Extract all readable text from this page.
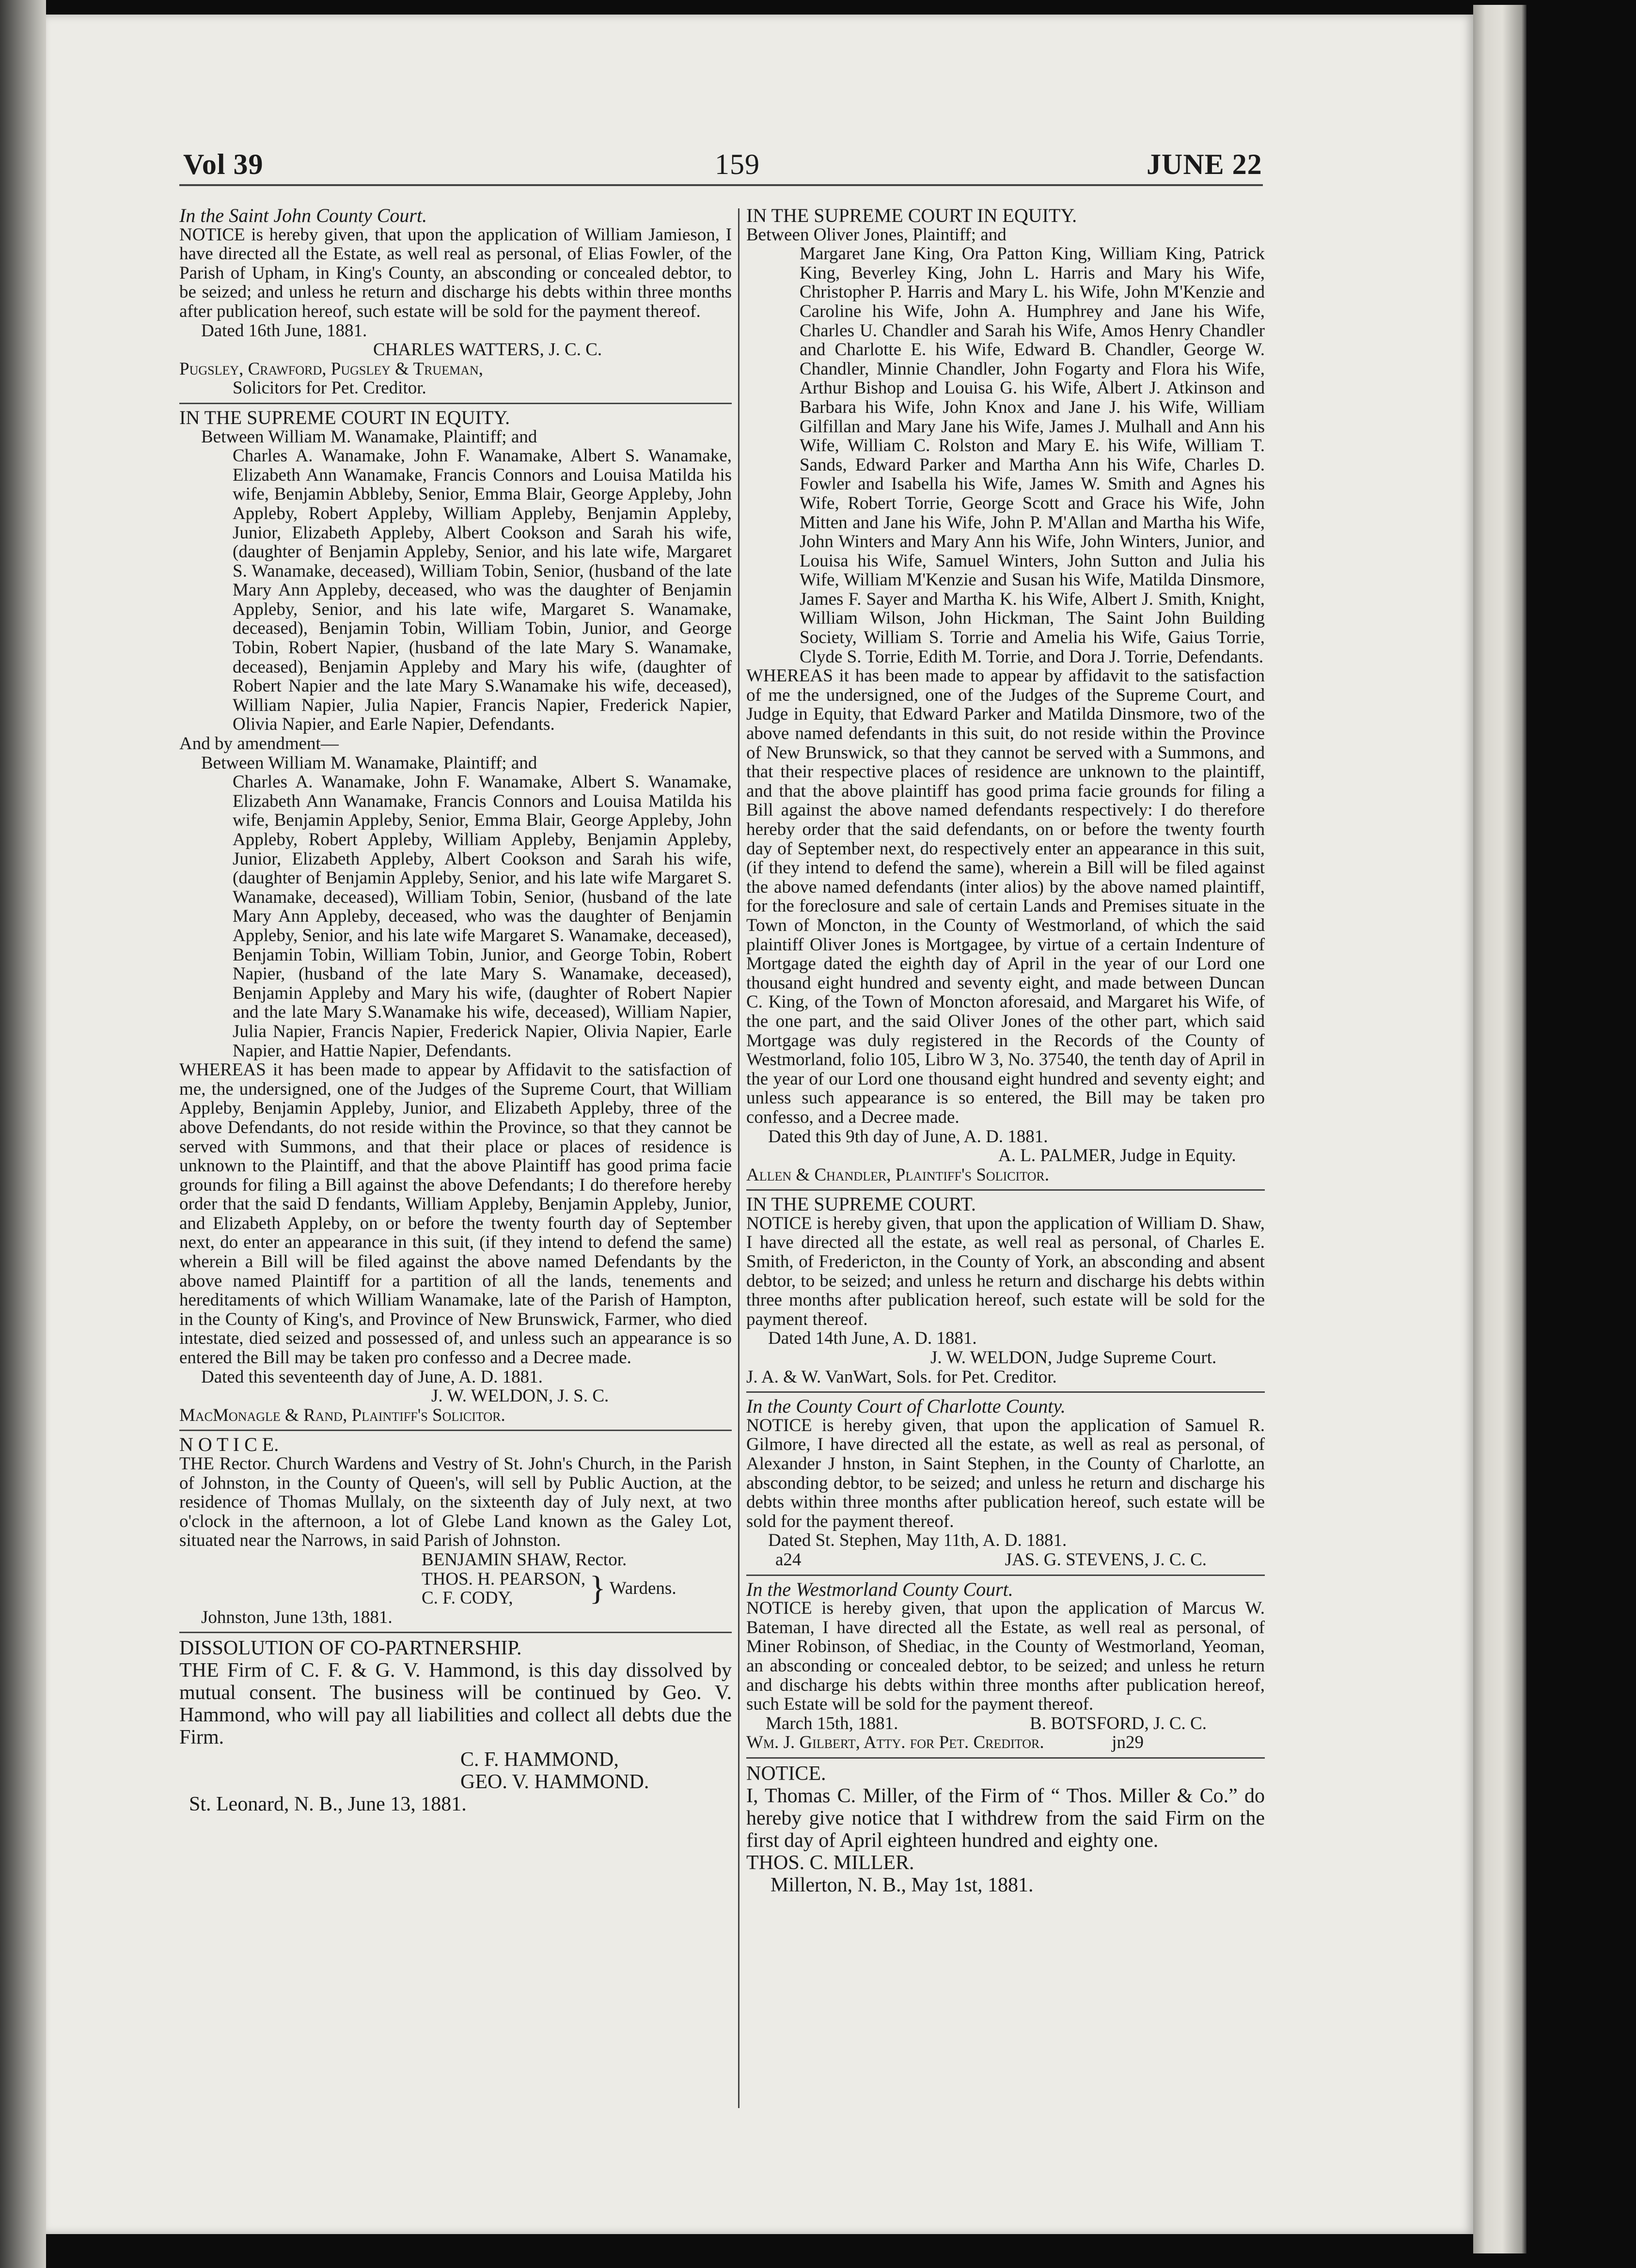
Vol 39	159	JUNE 22

In the Saint John County Court.

NOTICE is hereby given, that upon the application of William Jamieson, I have directed all the Estate, as well real as personal, of Elias Fowler, of the Parish of Upham, in King's County, an absconding or concealed debtor, to be seized; and unless he return and discharge his debts within three months after publication hereof, such estate will be sold for the payment thereof.

Dated 16th June, 1881.

CHARLES WATTERS, J. C. C.

Pugsley, Crawford, Pugsley & Trueman,

Solicitors for Pet. Creditor.

IN THE SUPREME COURT IN EQUITY.

Between William M. Wanamake, Plaintiff; and

Charles A. Wanamake, John F. Wanamake, Albert S. Wanamake, Elizabeth Ann Wanamake, Francis Connors and Louisa Matilda his wife, Benjamin Abbleby, Senior, Emma Blair, George Appleby, John Appleby, Robert Appleby, William Appleby, Benjamin Appleby, Junior, Elizabeth Appleby, Albert Cookson and Sarah his wife, (daughter of Benjamin Appleby, Senior, and his late wife, Margaret S. Wanamake, deceased), William Tobin, Senior, (husband of the late Mary Ann Appleby, deceased, who was the daughter of Benjamin Appleby, Senior, and his late wife, Margaret S. Wanamake, deceased), Benjamin Tobin, William Tobin, Junior, and George Tobin, Robert Napier, (husband of the late Mary S. Wanamake, deceased), Benjamin Appleby and Mary his wife, (daughter of Robert Napier and the late Mary S.Wanamake his wife, deceased), William Napier, Julia Napier, Francis Napier, Frederick Napier, Olivia Napier, and Earle Napier, Defendants.

And by amendment—

Between William M. Wanamake, Plaintiff; and

Charles A. Wanamake, John F. Wanamake, Albert S. Wanamake, Elizabeth Ann Wanamake, Francis Connors and Louisa Matilda his wife, Benjamin Appleby, Senior, Emma Blair, George Appleby, John Appleby, Robert Appleby, William Appleby, Benjamin Appleby, Junior, Elizabeth Appleby, Albert Cookson and Sarah his wife, (daughter of Benjamin Appleby, Senior, and his late wife Margaret S. Wanamake, deceased), William Tobin, Senior, (husband of the late Mary Ann Appleby, deceased, who was the daughter of Benjamin Appleby, Senior, and his late wife Margaret S. Wanamake, deceased), Benjamin Tobin, William Tobin, Junior, and George Tobin, Robert Napier, (husband of the late Mary S. Wanamake, deceased), Benjamin Appleby and Mary his wife, (daughter of Robert Napier and the late Mary S.Wanamake his wife, deceased), William Napier, Julia Napier, Francis Napier, Frederick Napier, Olivia Napier, Earle Napier, and Hattie Napier, Defendants.

WHEREAS it has been made to appear by Affidavit to the satisfaction of me, the undersigned, one of the Judges of the Supreme Court, that William Appleby, Benjamin Appleby, Junior, and Elizabeth Appleby, three of the above Defendants, do not reside within the Province, so that they cannot be served with Summons, and that their place or places of residence is unknown to the Plaintiff, and that the above Plaintiff has good prima facie grounds for filing a Bill against the above Defendants; I do therefore hereby order that the said D fendants, William Appleby, Benjamin Appleby, Junior, and Elizabeth Appleby, on or before the twenty fourth day of September next, do enter an appearance in this suit, (if they intend to defend the same) wherein a Bill will be filed against the above named Defendants by the above named Plaintiff for a partition of all the lands, tenements and hereditaments of which William Wanamake, late of the Parish of Hampton, in the County of King's, and Province of New Brunswick, Farmer, who died intestate, died seized and possessed of, and unless such an appearance is so entered the Bill may be taken pro confesso and a Decree made.

Dated this seventeenth day of June, A. D. 1881.

J. W. WELDON, J. S. C.

MacMonagle & Rand, Plaintiff's Solicitor.

N O T I C E.

THE Rector. Church Wardens and Vestry of St. John's Church, in the Parish of Johnston, in the County of Queen's, will sell by Public Auction, at the residence of Thomas Mullaly, on the sixteenth day of July next, at two o'clock in the afternoon, a lot of Glebe Land known as the Galey Lot, situated near the Narrows, in said Parish of Johnston.

BENJAMIN SHAW, Rector.

THOS. H. PEARSON,

C. F. CODY,	} Wardens.

Johnston, June 13th, 1881.

DISSOLUTION OF CO-PARTNERSHIP.

THE Firm of C. F. & G. V. Hammond, is this day dissolved by mutual consent. The business will be continued by Geo. V. Hammond, who will pay all liabilities and collect all debts due the Firm.

C. F. HAMMOND,

GEO. V. HAMMOND.

St. Leonard, N. B., June 13, 1881.

IN THE SUPREME COURT IN EQUITY.

Between Oliver Jones, Plaintiff; and

Margaret Jane King, Ora Patton King, William King, Patrick King, Beverley King, John L. Harris and Mary his Wife, Christopher P. Harris and Mary L. his Wife, John M'Kenzie and Caroline his Wife, John A. Humphrey and Jane his Wife, Charles U. Chandler and Sarah his Wife, Amos Henry Chandler and Charlotte E. his Wife, Edward B. Chandler, George W. Chandler, Minnie Chandler, John Fogarty and Flora his Wife, Arthur Bishop and Louisa G. his Wife, Albert J. Atkinson and Barbara his Wife, John Knox and Jane J. his Wife, William Gilfillan and Mary Jane his Wife, James J. Mulhall and Ann his Wife, William C. Rolston and Mary E. his Wife, William T. Sands, Edward Parker and Martha Ann his Wife, Charles D. Fowler and Isabella his Wife, James W. Smith and Agnes his Wife, Robert Torrie, George Scott and Grace his Wife, John Mitten and Jane his Wife, John P. M'Allan and Martha his Wife, John Winters and Mary Ann his Wife, John Winters, Junior, and Louisa his Wife, Samuel Winters, John Sutton and Julia his Wife, William M'Kenzie and Susan his Wife, Matilda Dinsmore, James F. Sayer and Martha K. his Wife, Albert J. Smith, Knight, William Wilson, John Hickman, The Saint John Building Society, William S. Torrie and Amelia his Wife, Gaius Torrie, Clyde S. Torrie, Edith M. Torrie, and Dora J. Torrie, Defendants.

WHEREAS it has been made to appear by affidavit to the satisfaction of me the undersigned, one of the Judges of the Supreme Court, and Judge in Equity, that Edward Parker and Matilda Dinsmore, two of the above named defendants in this suit, do not reside within the Province of New Brunswick, so that they cannot be served with a Summons, and that their respective places of residence are unknown to the plaintiff, and that the above plaintiff has good prima facie grounds for filing a Bill against the above named defendants respectively: I do therefore hereby order that the said defendants, on or before the twenty fourth day of September next, do respectively enter an appearance in this suit, (if they intend to defend the same), wherein a Bill will be filed against the above named defendants (inter alios) by the above named plaintiff, for the foreclosure and sale of certain Lands and Premises situate in the Town of Moncton, in the County of Westmorland, of which the said plaintiff Oliver Jones is Mortgagee, by virtue of a certain Indenture of Mortgage dated the eighth day of April in the year of our Lord one thousand eight hundred and seventy eight, and made between Duncan C. King, of the Town of Moncton aforesaid, and Margaret his Wife, of the one part, and the said Oliver Jones of the other part, which said Mortgage was duly registered in the Records of the County of Westmorland, folio 105, Libro W 3, No. 37540, the tenth day of April in the year of our Lord one thousand eight hundred and seventy eight; and unless such appearance is so entered, the Bill may be taken pro confesso, and a Decree made.

Dated this 9th day of June, A. D. 1881.

A. L. PALMER, Judge in Equity.

Allen & Chandler, Plaintiff's Solicitor.

IN THE SUPREME COURT.

NOTICE is hereby given, that upon the application of William D. Shaw, I have directed all the estate, as well real as personal, of Charles E. Smith, of Fredericton, in the County of York, an absconding and absent debtor, to be seized; and unless he return and discharge his debts within three months after publication hereof, such estate will be sold for the payment thereof.

Dated 14th June, A. D. 1881.

J. W. WELDON, Judge Supreme Court.

J. A. & W. VanWart, Sols. for Pet. Creditor.

In the County Court of Charlotte County.

NOTICE is hereby given, that upon the application of Samuel R. Gilmore, I have directed all the estate, as well as real as personal, of Alexander J hnston, in Saint Stephen, in the County of Charlotte, an absconding debtor, to be seized; and unless he return and discharge his debts within three months after publication hereof, such estate will be sold for the payment thereof.

Dated St. Stephen, May 11th, A. D. 1881.

a24	JAS. G. STEVENS, J. C. C.

In the Westmorland County Court.

NOTICE is hereby given, that upon the application of Marcus W. Bateman, I have directed all the Estate, as well real as personal, of Miner Robinson, of Shediac, in the County of Westmorland, Yeoman, an absconding or concealed debtor, to be seized; and unless he return and discharge his debts within three months after publication hereof, such Estate will be sold for the payment thereof.

March 15th, 1881.	B. BOTSFORD, J. C. C.
Wm. J. Gilbert, Atty. for Pet. Creditor.	jn29

NOTICE.

I, Thomas C. Miller, of the Firm of “ Thos. Miller & Co.” do hereby give notice that I withdrew from the said Firm on the first day of April eighteen hundred and eighty one.

THOS. C. MILLER.

Millerton, N. B., May 1st, 1881.
